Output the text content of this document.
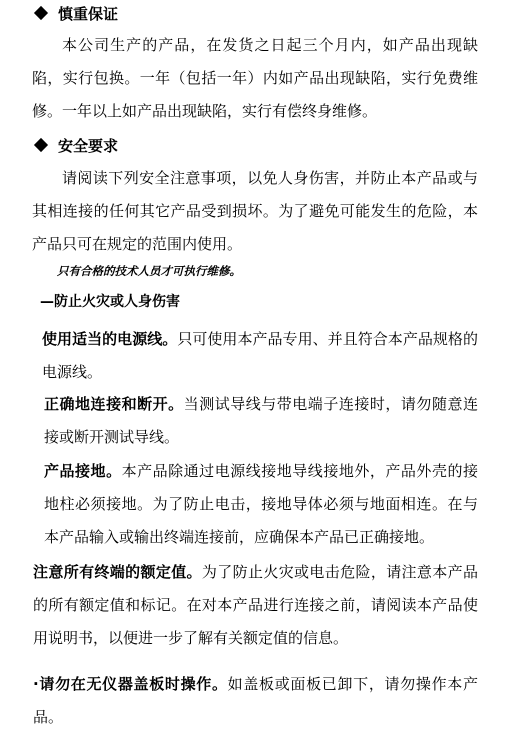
慎重保证
本公司生产的产品，在发货之日起三个月内，如产品出现缺陷，实行包换。一年（包括一年）内如产品出现缺陷，实行免费维修。一年以上如产品出现缺陷，实行有偿终身维修。
安全要求
请阅读下列安全注意事项，以免人身伤害，并防止本产品或与其相连接的任何其它产品受到损坏。为了避免可能发生的危险，本产品只可在规定的范围内使用。
只有合格的技术人员才可执行维修。
—防止火灾或人身伤害
使用适当的电源线。只可使用本产品专用、并且符合本产品规格的电源线。
正确地连接和断开。当测试导线与带电端子连接时，请勿随意连接或断开测试导线。
产品接地。本产品除通过电源线接地导线接地外，产品外壳的接地柱必须接地。为了防止电击，接地导体必须与地面相连。在与本产品输入或输出终端连接前，应确保本产品已正确接地。
注意所有终端的额定值。为了防止火灾或电击危险，请注意本产品的所有额定值和标记。在对本产品进行连接之前，请阅读本产品使用说明书，以便进一步了解有关额定值的信息。
·请勿在无仪器盖板时操作。如盖板或面板已卸下，请勿操作本产品。
